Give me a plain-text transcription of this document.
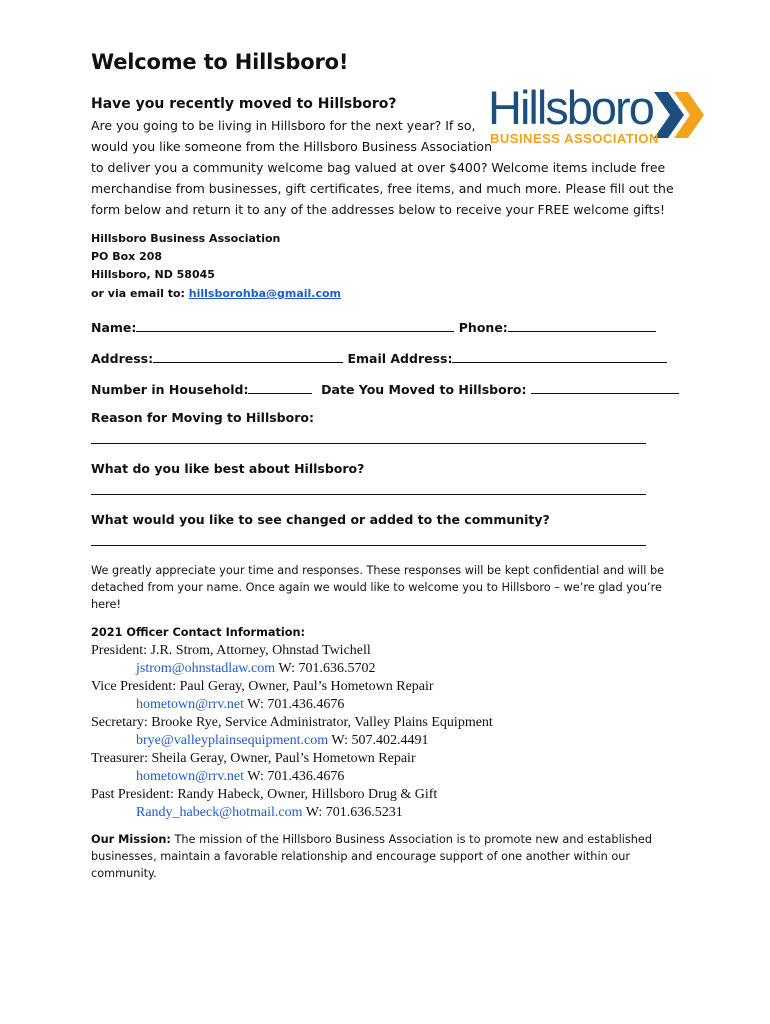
Welcome to Hillsboro!
Have you recently moved to Hillsboro? Hillsboro
BUSINESS ASSOCIATION
Are you going to be living in Hillsboro for the next year? If so,
would you like someone from the Hillsboro Business Association
to deliver you a community welcome bag valued at over $400? Welcome items include free
merchandise from businesses, gift certificates, free items, and much more. Please fill out the
form below and return it to any of the addresses below to receive your FREE welcome gifts!
Hillsboro Business Association
PO Box 208
Hillsboro, ND 58045
or via email to: hillsborohba@gmail.com
Name:	Phone:
Address:	Email Address:
Number in Household:	Date You Moved to Hillsboro:
Reason for Moving to Hillsboro:
What do you like best about Hillsboro?
What would you like to see changed or added to the community?
We greatly appreciate your time and responses. These responses will be kept confidential and will be detached from your name. Once again we would like to welcome you to Hillsboro – we’re glad you’re here!
2021 Officer Contact Information:
President: J.R. Strom, Attorney, Ohnstad Twichell
jstrom@ohnstadlaw.com W: 701.636.5702
Vice President: Paul Geray, Owner, Paul’s Hometown Repair
hometown@rrv.net W: 701.436.4676
Secretary: Brooke Rye, Service Administrator, Valley Plains Equipment
brye@valleyplainsequipment.com W: 507.402.4491
Treasurer: Sheila Geray, Owner, Paul’s Hometown Repair
hometown@rrv.net W: 701.436.4676
Past President: Randy Habeck, Owner, Hillsboro Drug & Gift
Randy_habeck@hotmail.com W: 701.636.5231
Our Mission: The mission of the Hillsboro Business Association is to promote new and established businesses, maintain a favorable relationship and encourage support of one another within our community.
